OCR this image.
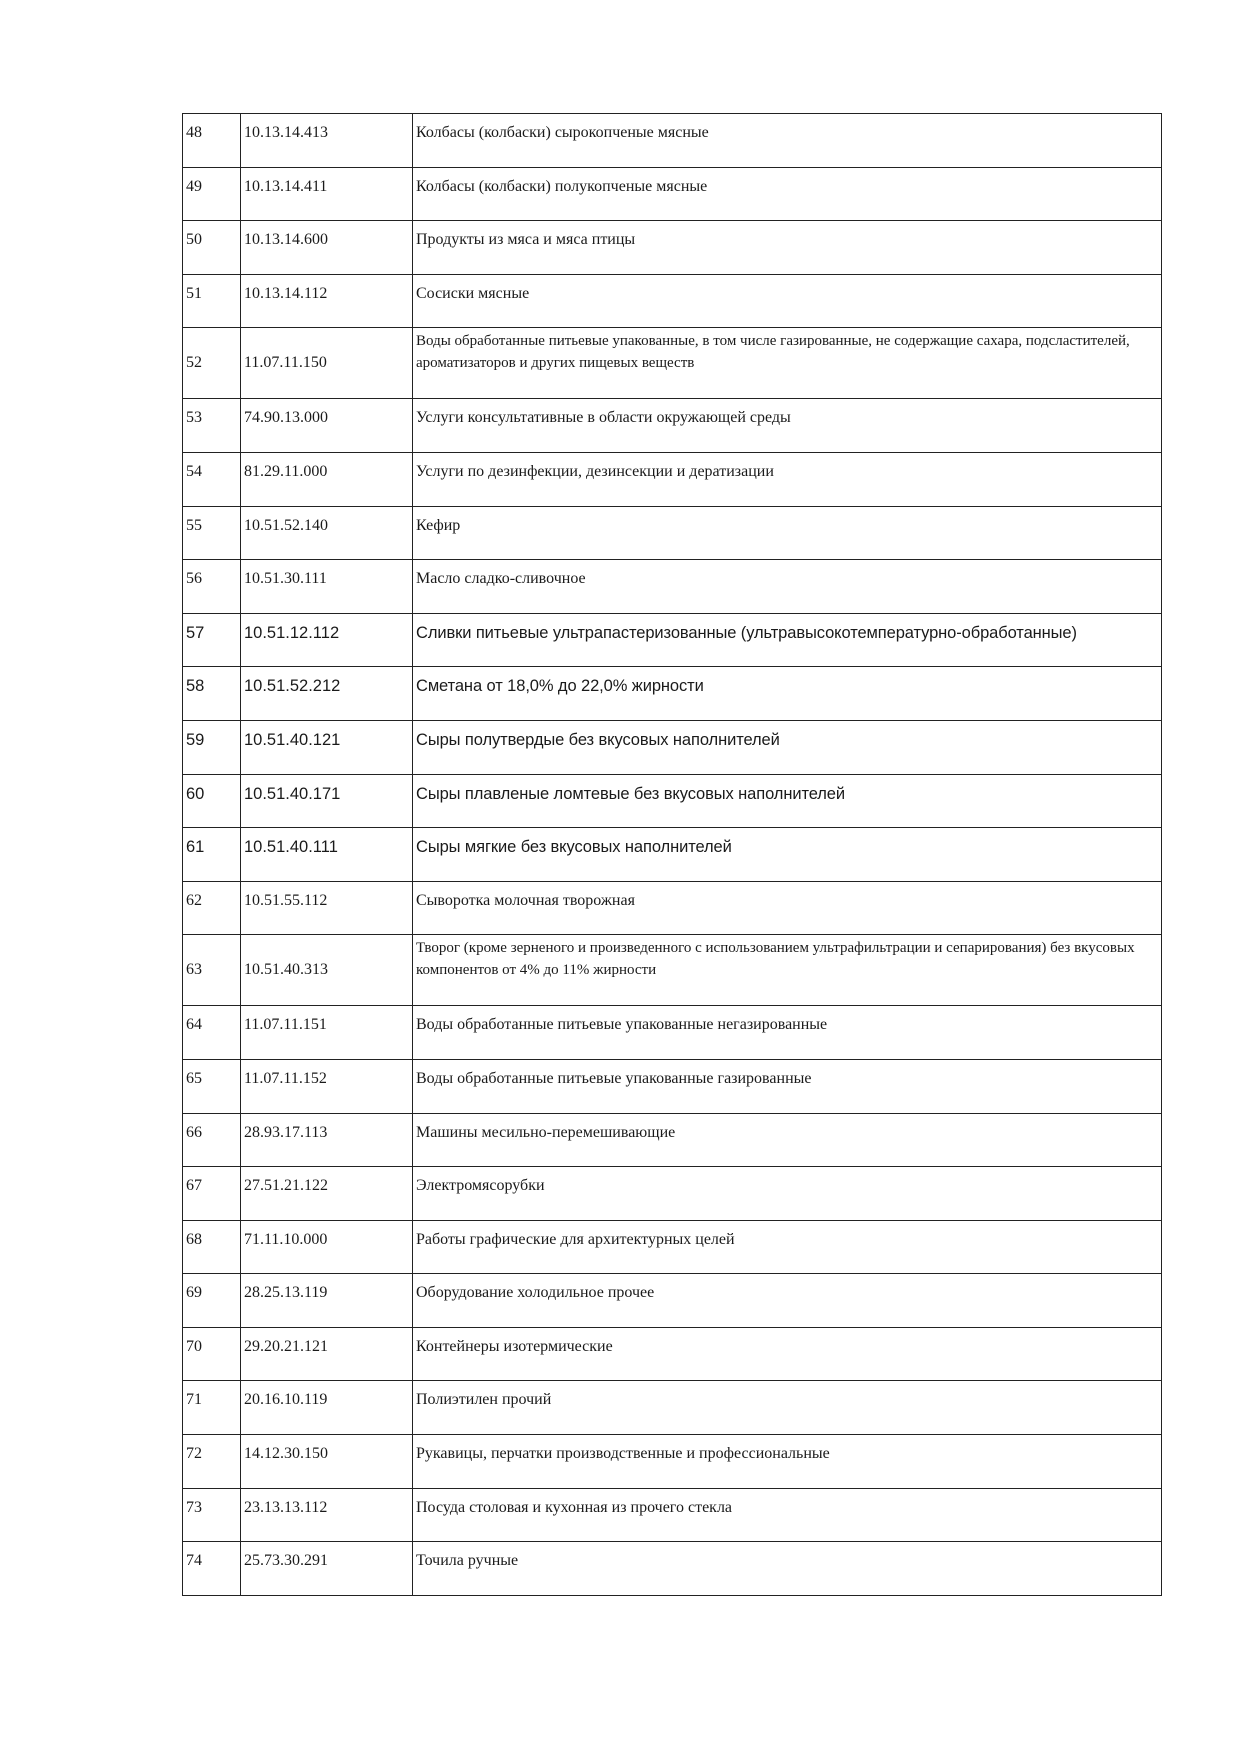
48	10.13.14.413	Колбасы (колбаски) сырокопченые мясные
49	10.13.14.411	Колбасы (колбаски) полукопченые мясные
50	10.13.14.600	Продукты из мяса и мяса птицы
51	10.13.14.112	Сосиски мясные
52	11.07.11.150	Воды обработанные питьевые упакованные, в том числе газированные, не содержащие сахара, подсластителей, ароматизаторов и других пищевых веществ
53	74.90.13.000	Услуги консультативные в области окружающей среды
54	81.29.11.000	Услуги по дезинфекции, дезинсекции и дератизации
55	10.51.52.140	Кефир
56	10.51.30.111	Масло сладко-сливочное
57	10.51.12.112	Сливки питьевые ультрапастеризованные (ультравысокотемпературно-обработанные)
58	10.51.52.212	Сметана от 18,0% до 22,0% жирности
59	10.51.40.121	Сыры полутвердые без вкусовых наполнителей
60	10.51.40.171	Сыры плавленые ломтевые без вкусовых наполнителей
61	10.51.40.111	Сыры мягкие без вкусовых наполнителей
62	10.51.55.112	Сыворотка молочная творожная
63	10.51.40.313	Творог (кроме зерненого и произведенного с использованием ультрафильтрации и сепарирования) без вкусовых компонентов от 4% до 11% жирности
64	11.07.11.151	Воды обработанные питьевые упакованные негазированные
65	11.07.11.152	Воды обработанные питьевые упакованные газированные
66	28.93.17.113	Машины месильно-перемешивающие
67	27.51.21.122	Электромясорубки
68	71.11.10.000	Работы графические для архитектурных целей
69	28.25.13.119	Оборудование холодильное прочее
70	29.20.21.121	Контейнеры изотермические
71	20.16.10.119	Полиэтилен прочий
72	14.12.30.150	Рукавицы, перчатки производственные и профессиональные
73	23.13.13.112	Посуда столовая и кухонная из прочего стекла
74	25.73.30.291	Точила ручные
